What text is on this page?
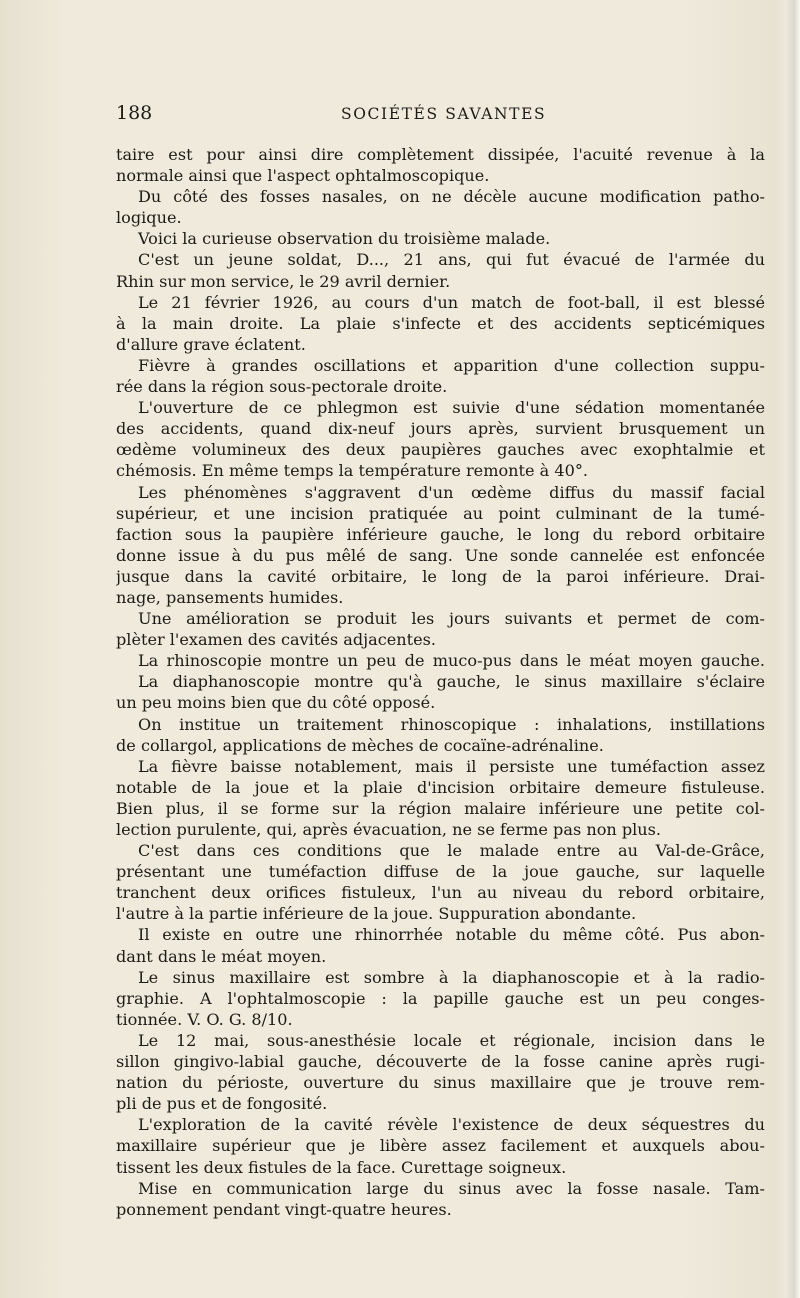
188	SOCIÉTÉS SAVANTES
taire est pour ainsi dire complètement dissipée, l'acuité revenue à la
normale ainsi que l'aspect ophtalmoscopique.
Du côté des fosses nasales, on ne décèle aucune modification patho-
logique.
Voici la curieuse observation du troisième malade.
C'est un jeune soldat, D..., 21 ans, qui fut évacué de l'armée du
Rhin sur mon service, le 29 avril dernier.
Le 21 février 1926, au cours d'un match de foot-ball, il est blessé
à la main droite. La plaie s'infecte et des accidents septicémiques
d'allure grave éclatent.
Fièvre à grandes oscillations et apparition d'une collection suppu-
rée dans la région sous-pectorale droite.
L'ouverture de ce phlegmon est suivie d'une sédation momentanée
des accidents, quand dix-neuf jours après, survient brusquement un
œdème volumineux des deux paupières gauches avec exophtalmie et
chémosis. En même temps la température remonte à 40°.
Les phénomènes s'aggravent d'un œdème diffus du massif facial
supérieur, et une incision pratiquée au point culminant de la tumé-
faction sous la paupière inférieure gauche, le long du rebord orbitaire
donne issue à du pus mêlé de sang. Une sonde cannelée est enfoncée
jusque dans la cavité orbitaire, le long de la paroi inférieure. Drai-
nage, pansements humides.
Une amélioration se produit les jours suivants et permet de com-
plèter l'examen des cavités adjacentes.
La rhinoscopie montre un peu de muco-pus dans le méat moyen gauche.
La diaphanoscopie montre qu'à gauche, le sinus maxillaire s'éclaire
un peu moins bien que du côté opposé.
On institue un traitement rhinoscopique : inhalations, instillations
de collargol, applications de mèches de cocaïne-adrénaline.
La fièvre baisse notablement, mais il persiste une tuméfaction assez
notable de la joue et la plaie d'incision orbitaire demeure fistuleuse.
Bien plus, il se forme sur la région malaire inférieure une petite col-
lection purulente, qui, après évacuation, ne se ferme pas non plus.
C'est dans ces conditions que le malade entre au Val-de-Grâce,
présentant une tuméfaction diffuse de la joue gauche, sur laquelle
tranchent deux orifices fistuleux, l'un au niveau du rebord orbitaire,
l'autre à la partie inférieure de la joue. Suppuration abondante.
Il existe en outre une rhinorrhée notable du même côté. Pus abon-
dant dans le méat moyen.
Le sinus maxillaire est sombre à la diaphanoscopie et à la radio-
graphie. A l'ophtalmoscopie : la papille gauche est un peu conges-
tionnée. V. O. G. 8/10.
Le 12 mai, sous-anesthésie locale et régionale, incision dans le
sillon gingivo-labial gauche, découverte de la fosse canine après rugi-
nation du périoste, ouverture du sinus maxillaire que je trouve rem-
pli de pus et de fongosité.
L'exploration de la cavité révèle l'existence de deux séquestres du
maxillaire supérieur que je libère assez facilement et auxquels abou-
tissent les deux fistules de la face. Curettage soigneux.
Mise en communication large du sinus avec la fosse nasale. Tam-
ponnement pendant vingt-quatre heures.
